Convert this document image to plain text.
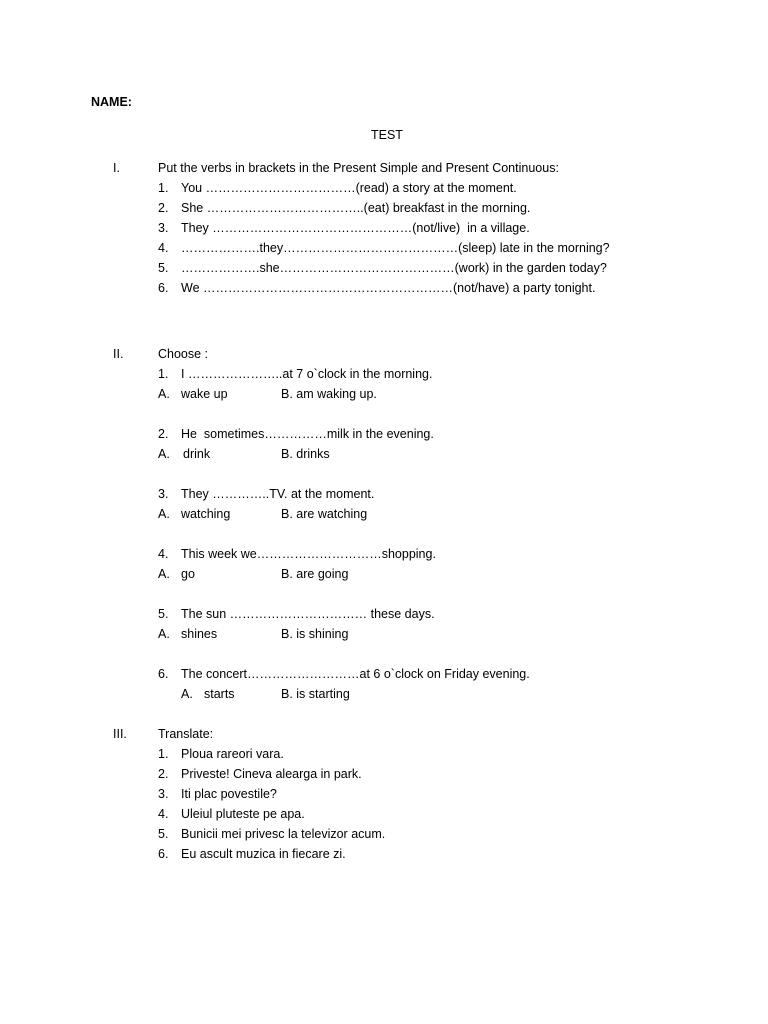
NAME:
TEST
I.	Put the verbs in brackets in the Present Simple and Present Continuous:
1. You ………………………………(read) a story at the moment.
2. She ………………………………..(eat) breakfast in the morning.
3. They …………………………………………(not/live)  in a village.
4. ……………….they……………………………………(sleep) late in the morning?
5. ……………….she……………………………………(work) in the garden today?
6. We ……………………………………………………(not/have) a party tonight.
II.	Choose :
1. I …………………..at 7 o`clock in the morning.
A. wake up	B. am waking up.
2. He  sometimes……………milk in the evening.
A. drink	B. drinks
3. They …………..TV. at the moment.
A. watching	B. are watching
4. This week we…………………………shopping.
A. go	B. are going
5. The sun …………………………… these days.
A. shines	B. is shining
6. The concert………………………at 6 o`clock on Friday evening.
A. starts	B. is starting
III. Translate:
1. Ploua rareori vara.
2. Priveste! Cineva alearga in park.
3. Iti plac povestile?
4. Uleiul pluteste pe apa.
5. Bunicii mei privesc la televizor acum.
6. Eu ascult muzica in fiecare zi.
